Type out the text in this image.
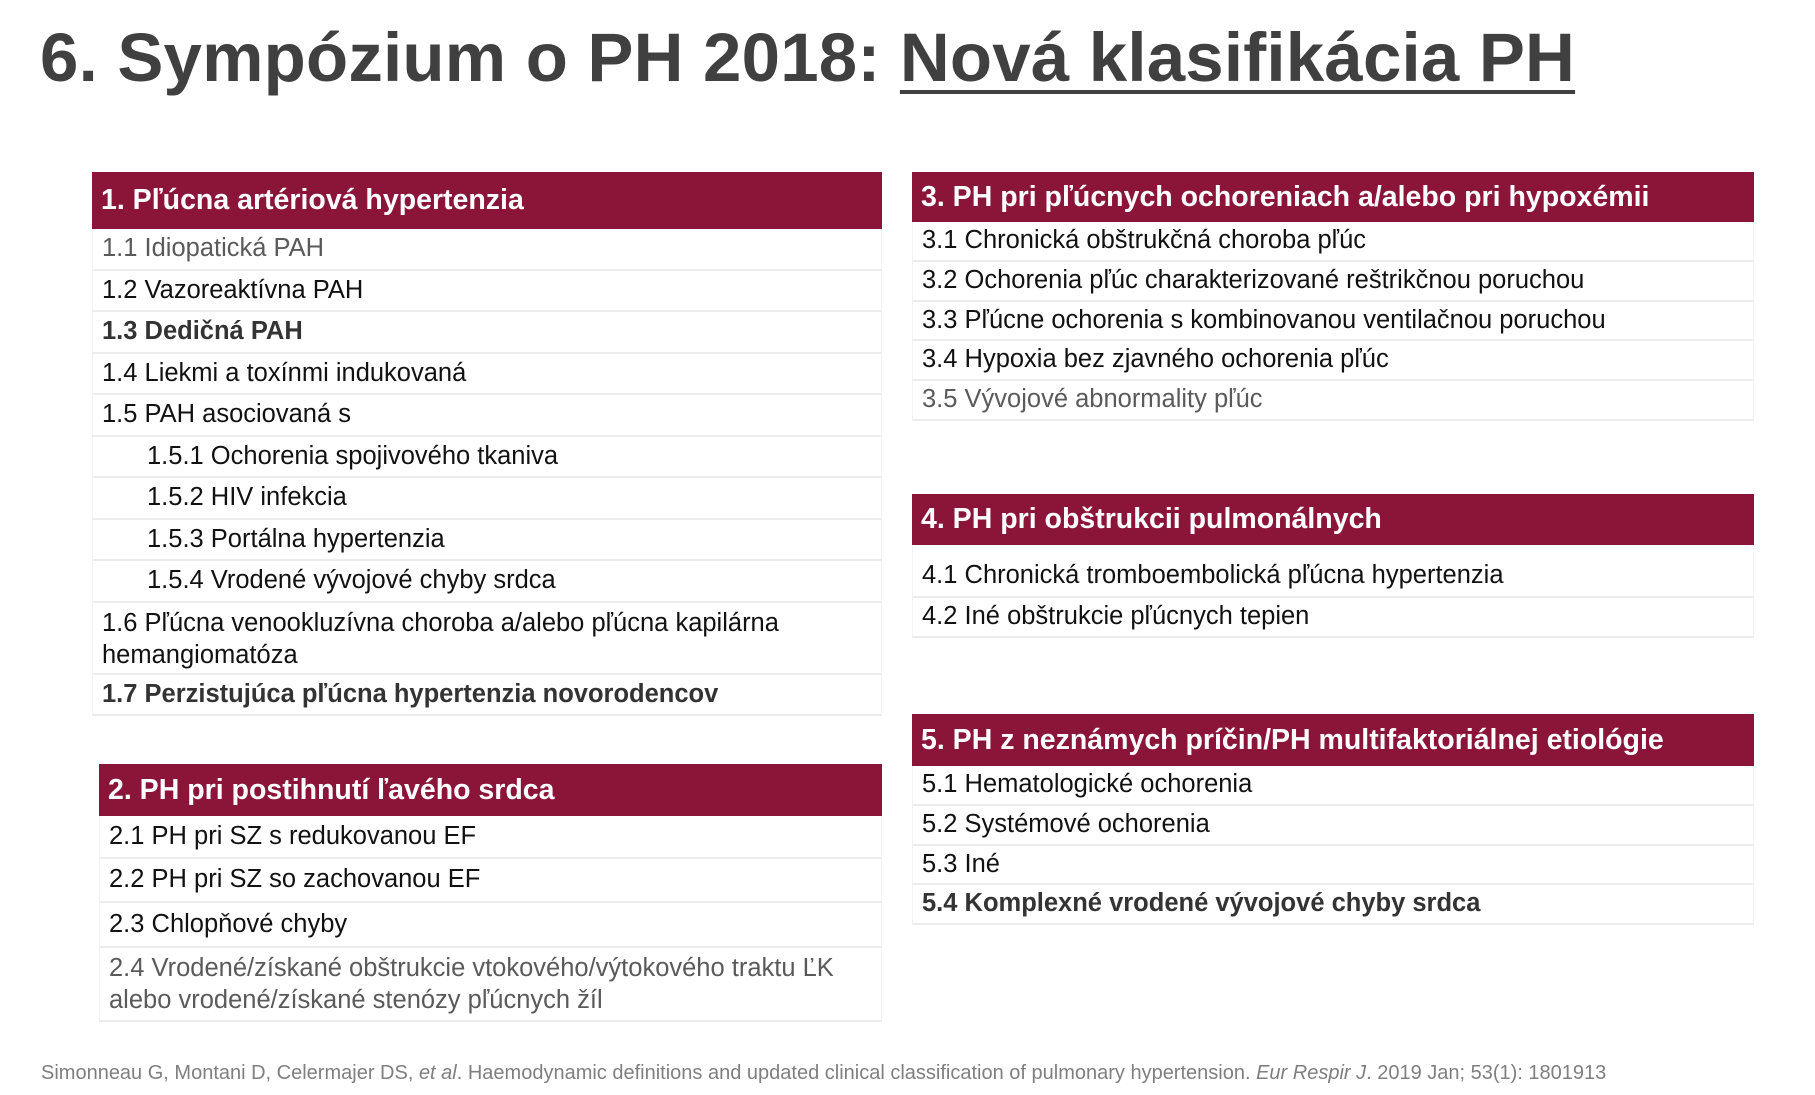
6. Sympózium o PH 2018: Nová klasifikácia PH
1. Pľúcna artériová hypertenzia
1.1 Idiopatická PAH
1.2 Vazoreaktívna PAH
1.3 Dedičná PAH
1.4 Liekmi a toxínmi indukovaná
1.5 PAH asociovaná s
1.5.1 Ochorenia spojivového tkaniva
1.5.2 HIV infekcia
1.5.3 Portálna hypertenzia
1.5.4 Vrodené vývojové chyby srdca
1.6 Pľúcna venookluzívna choroba a/alebo pľúcna kapilárna hemangiomatóza
1.7 Perzistujúca pľúcna hypertenzia novorodencov
2. PH pri postihnutí ľavého srdca
2.1 PH pri SZ s redukovanou EF
2.2 PH pri SZ so zachovanou EF
2.3 Chlopňové chyby
2.4 Vrodené/získané obštrukcie vtokového/výtokového traktu ĽK alebo vrodené/získané stenózy pľúcnych žíl
3. PH pri pľúcnych ochoreniach a/alebo pri hypoxémii
3.1 Chronická obštrukčná choroba pľúc
3.2 Ochorenia pľúc charakterizované reštrikčnou poruchou
3.3 Pľúcne ochorenia s kombinovanou ventilačnou poruchou
3.4 Hypoxia bez zjavného ochorenia pľúc
3.5 Vývojové abnormality pľúc
4. PH pri obštrukcii pulmonálnych
4.1 Chronická tromboembolická pľúcna hypertenzia
4.2 Iné obštrukcie pľúcnych tepien
5. PH z neznámych príčin/PH multifaktoriálnej etiológie
5.1 Hematologické ochorenia
5.2 Systémové ochorenia
5.3 Iné
5.4 Komplexné vrodené vývojové chyby srdca
Simonneau G, Montani D, Celermajer DS, et al. Haemodynamic definitions and updated clinical classification of pulmonary hypertension. Eur Respir J. 2019 Jan; 53(1): 1801913
